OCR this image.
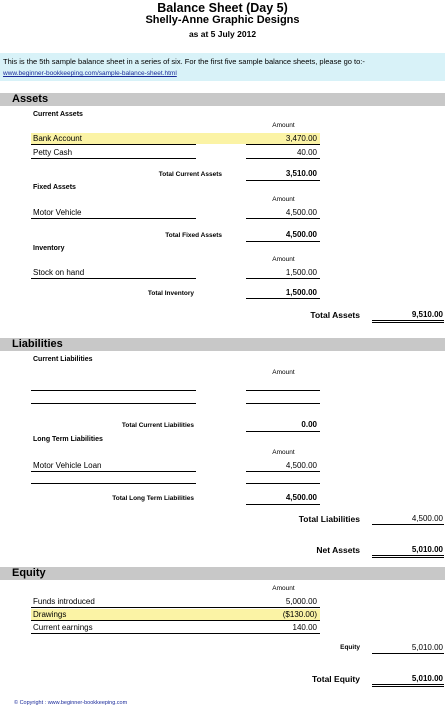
Balance Sheet (Day 5)
Shelly-Anne Graphic Designs
as at 5 July 2012
This is the 5th sample balance sheet in a series of six. For the first five sample balance sheets, please go to:-
www.beginner-bookkeeping.com/sample-balance-sheet.html
Assets
Current Assets
Amount
Bank Account	3,470.00
Petty Cash	40.00
Total Current Assets	3,510.00
Fixed Assets
Amount
Motor Vehicle	4,500.00
Total Fixed Assets	4,500.00
Inventory
Amount
Stock on hand	1,500.00
Total Inventory	1,500.00
Total Assets	9,510.00
Liabilities
Current Liabilities
Amount
Total Current Liabilities	0.00
Long Term Liabilities
Amount
Motor Vehicle Loan	4,500.00
Total Long Term Liabilities	4,500.00
Total Liabilities	4,500.00
Net Assets	5,010.00
Equity
Amount
Funds introduced	5,000.00
Drawings	($130.00)
Current earnings	140.00
Equity	5,010.00
Total Equity	5,010.00
© Copyright : www.beginner-bookkeeping.com
